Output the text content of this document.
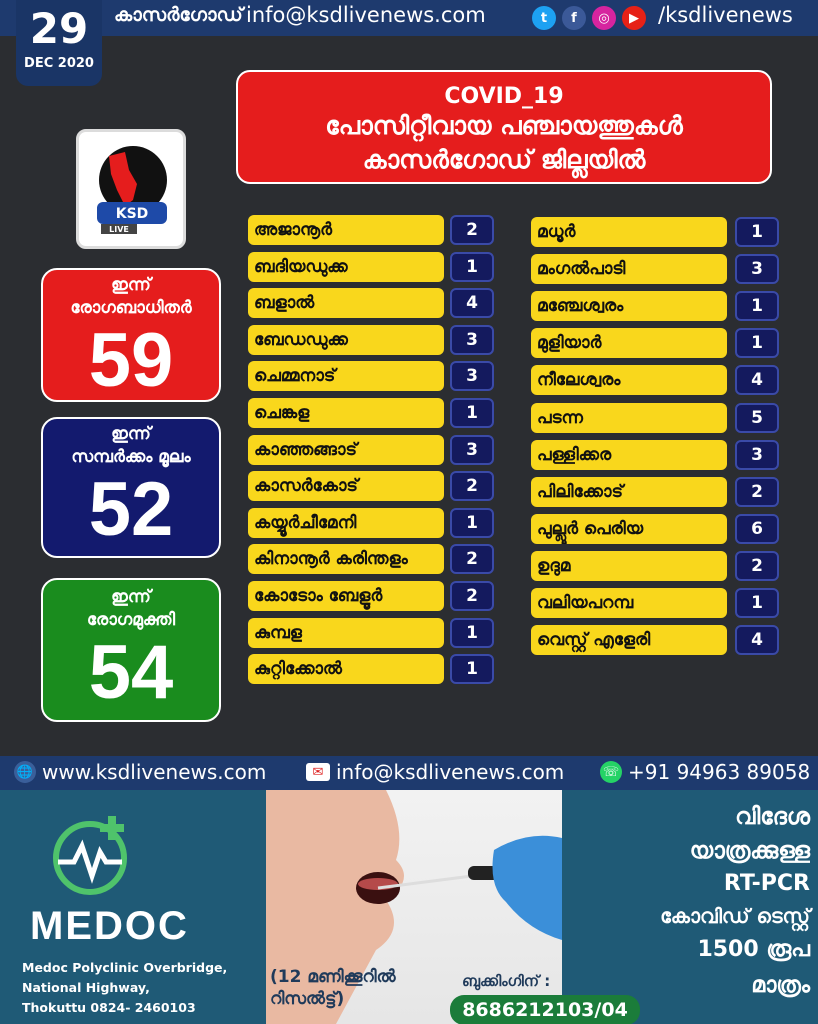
കാസർഗോഡ് info@ksdlivenews.com	t	f	◎	▶ /ksdlivenews
29
DEC 2020
COVID_19
പോസിറ്റീവായ പഞ്ചായത്തുകൾ
കാസർഗോഡ് ജില്ലയിൽ
KSD
LIVE
ഇന്ന്
രോഗബാധിതർ
59
ഇന്ന്
സമ്പർക്കം മൂലം
52
ഇന്ന്
രോഗമുക്തി
54
അജാനൂർ	2
ബദിയഡുക്ക	1
ബളാൽ	4
ബേഡഡുക്ക	3
ചെമ്മനാട്	3
ചെങ്കള	1
കാഞ്ഞങ്ങാട്	3
കാസർകോട്	2
കയ്യൂർചീമേനി	1
കിനാനൂർ കരിന്തളം	2
കോടോം ബേളൂർ	2
കുമ്പള	1
കുറ്റിക്കോൽ	1
മധൂർ	1
മംഗൽപാടി	3
മഞ്ചേശ്വരം	1
മുളിയാർ	1
നീലേശ്വരം	4
പടന്ന	5
പള്ളിക്കര	3
പിലിക്കോട്	2
പുല്ലൂർ പെരിയ	6
ഉദുമ	2
വലിയപറമ്പ	1
വെസ്റ്റ് എളേരി	4
🌐 www.ksdlivenews.com	✉ info@ksdlivenews.com	☏ +91 94963 89058
MEDOC
Medoc Polyclinic Overbridge,
National Highway,
Thokuttu 0824- 2460103
(12 മണിക്കൂറിൽ
റിസൽട്ട്)
ബുക്കിംഗിന് :
8686212103/04
വിദേശ
യാത്രക്കുള്ള
RT-PCR
കോവിഡ് ടെസ്റ്റ്
1500 രൂപ
മാത്രം
